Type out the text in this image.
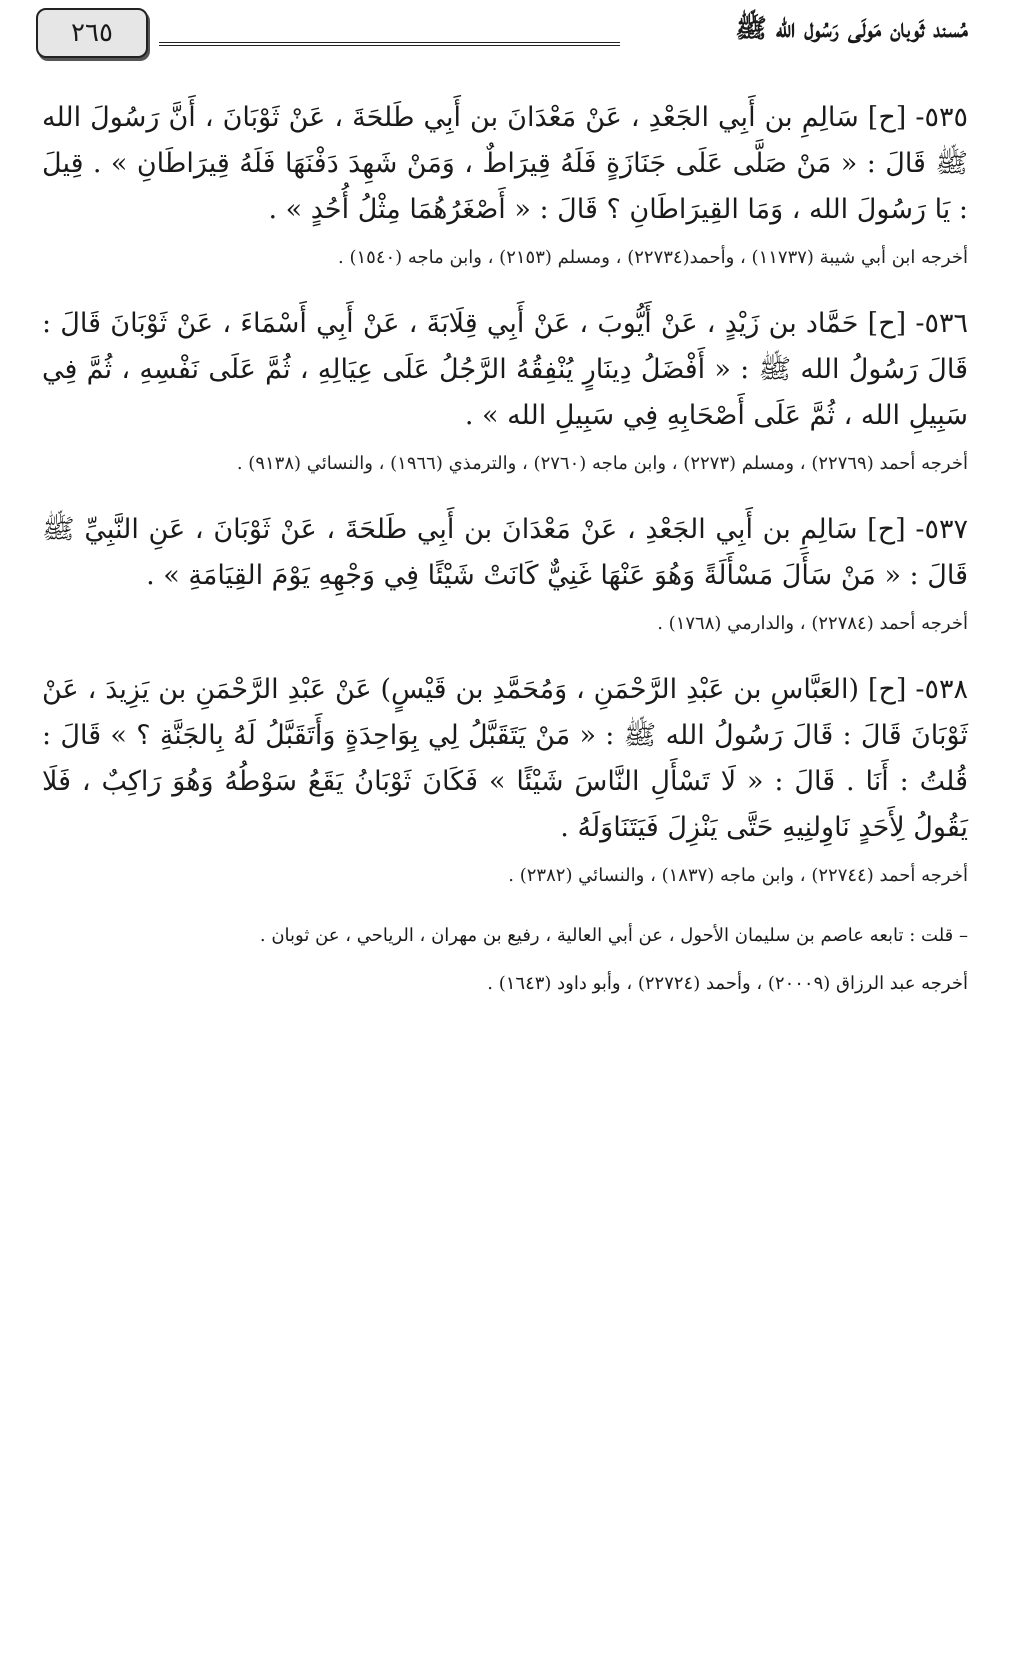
٢٦٥	مُسند ثَوبان مَولَى رَسُول الله ﷺ

٥٣٥- [ح] سَالِمِ بن أَبِي الجَعْدِ ، عَنْ مَعْدَانَ بن أَبِي طَلحَةَ ، عَنْ ثَوْبَانَ ، أَنَّ رَسُولَ الله ﷺ قَالَ : « مَنْ صَلَّى عَلَى جَنَازَةٍ فَلَهُ قِيرَاطٌ ، وَمَنْ شَهِدَ دَفْنَهَا فَلَهُ قِيرَاطَانِ » . قِيلَ : يَا رَسُولَ الله ، وَمَا القِيرَاطَانِ ؟ قَالَ : « أَصْغَرُهُمَا مِثْلُ أُحُدٍ » .

أخرجه ابن أبي شيبة (١١٧٣٧) ، وأحمد(٢٢٧٣٤) ، ومسلم (٢١٥٣) ، وابن ماجه (١٥٤٠) .

٥٣٦- [ح] حَمَّاد بن زَيْدٍ ، عَنْ أَيُّوبَ ، عَنْ أَبِي قِلَابَةَ ، عَنْ أَبِي أَسْمَاءَ ، عَنْ ثَوْبَانَ قَالَ : قَالَ رَسُولُ الله ﷺ : « أَفْضَلُ دِينَارٍ يُنْفِقُهُ الرَّجُلُ عَلَى عِيَالِهِ ، ثُمَّ عَلَى نَفْسِهِ ، ثُمَّ فِي سَبِيلِ الله ، ثُمَّ عَلَى أَصْحَابِهِ فِي سَبِيلِ الله » .

أخرجه أحمد (٢٢٧٦٩) ، ومسلم (٢٢٧٣) ، وابن ماجه (٢٧٦٠) ، والترمذي (١٩٦٦) ، والنسائي (٩١٣٨) .

٥٣٧- [ح] سَالِمِ بن أَبِي الجَعْدِ ، عَنْ مَعْدَانَ بن أَبِي طَلحَةَ ، عَنْ ثَوْبَانَ ، عَنِ النَّبِيِّ ﷺ قَالَ : « مَنْ سَأَلَ مَسْأَلَةً وَهُوَ عَنْهَا غَنِيٌّ كَانَتْ شَيْئًا فِي وَجْهِهِ يَوْمَ القِيَامَةِ » .

أخرجه أحمد (٢٢٧٨٤) ، والدارمي (١٧٦٨) .

٥٣٨- [ح] (العَبَّاسِ بن عَبْدِ الرَّحْمَنِ ، وَمُحَمَّدِ بن قَيْسٍ) عَنْ عَبْدِ الرَّحْمَنِ بن يَزِيدَ ، عَنْ ثَوْبَانَ قَالَ : قَالَ رَسُولُ الله ﷺ : « مَنْ يَتَقَبَّلُ لِي بِوَاحِدَةٍ وَأَتَقَبَّلُ لَهُ بِالجَنَّةِ ؟ » قَالَ : قُلتُ : أَنَا . قَالَ : « لَا تَسْأَلِ النَّاسَ شَيْئًا » فَكَانَ ثَوْبَانُ يَقَعُ سَوْطُهُ وَهُوَ رَاكِبٌ ، فَلَا يَقُولُ لِأَحَدٍ نَاوِلنِيهِ حَتَّى يَنْزِلَ فَيَتَنَاوَلَهُ .

أخرجه أحمد (٢٢٧٤٤) ، وابن ماجه (١٨٣٧) ، والنسائي (٢٣٨٢) .

– قلت : تابعه عاصم بن سليمان الأحول ، عن أبي العالية ، رفيع بن مهران ، الرياحي ، عن ثوبان .

أخرجه عبد الرزاق (٢٠٠٠٩) ، وأحمد (٢٢٧٢٤) ، وأبو داود (١٦٤٣) .
